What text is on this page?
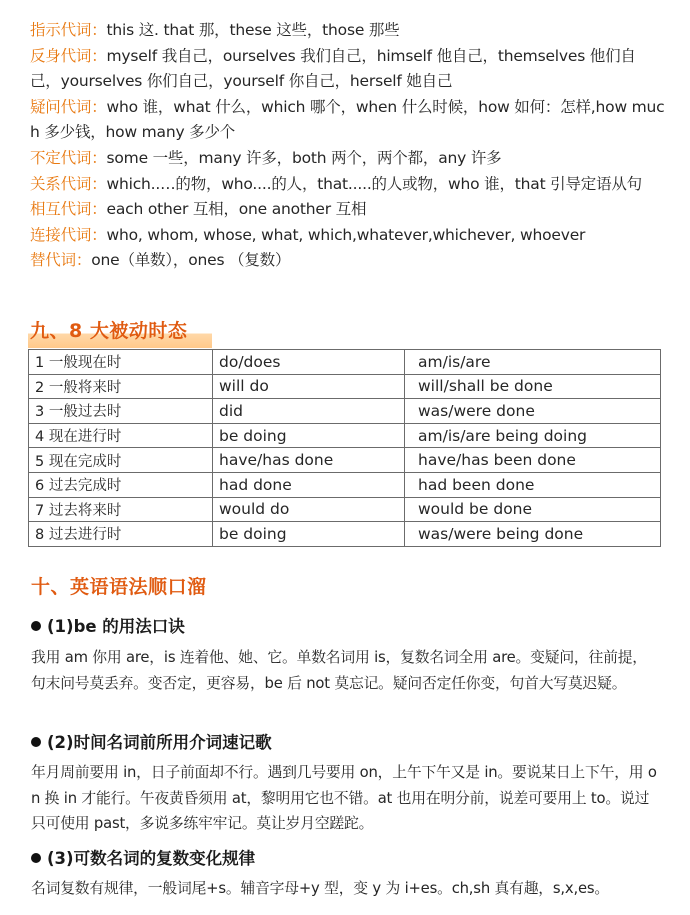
指示代词：this 这. that 那，these 这些，those 那些

反身代词：myself 我自己，ourselves 我们自己，himself 他自己，themselves 他们自己，yourselves 你们自己，yourself 你自己，herself 她自己

疑问代词：who 谁，what 什么，which 哪个，when 什么时候，how 如何：怎样,how much 多少钱，how many 多少个

不定代词：some 一些，many 许多，both 两个，两个都，any 许多

关系代词：which..…的物，who....的人，that.....的人或物，who 谁，that 引导定语从句

相互代词：each other 互相，one another 互相

连接代词：who, whom, whose, what, which,whatever,whichever, whoever

替代词：one（单数），ones （复数）

九、8 大被动时态
1 一般现在时	do/does	am/is/are
2 一般将来时	will do	will/shall be done
3 一般过去时	did	was/were done
4 现在进行时	be doing	am/is/are being doing
5 现在完成时	have/has done	have/has been done
6 过去完成时	had done	had been done
7 过去将来时	would do	would be done
8 过去进行时	be doing	was/were being done
十、英语语法顺口溜
(1)be 的用法口诀

我用 am 你用 are，is 连着他、她、它。单数名词用 is，复数名词全用 are。变疑问，往前提，句末问号莫丢弃。变否定，更容易，be 后 not 莫忘记。疑问否定任你变，句首大写莫迟疑。

(2)时间名词前所用介词速记歌

年月周前要用 in，日子前面却不行。遇到几号要用 on，上午下午又是 in。要说某日上下午，用 on 换 in 才能行。午夜黄昏须用 at，黎明用它也不错。at 也用在明分前，说差可要用上 to。说过只可使用 past，多说多练牢牢记。莫让岁月空蹉跎。

(3)可数名词的复数变化规律

名词复数有规律，一般词尾+s。辅音字母+y 型，变 y 为 i+es。ch,sh 真有趣，s,x,es。
